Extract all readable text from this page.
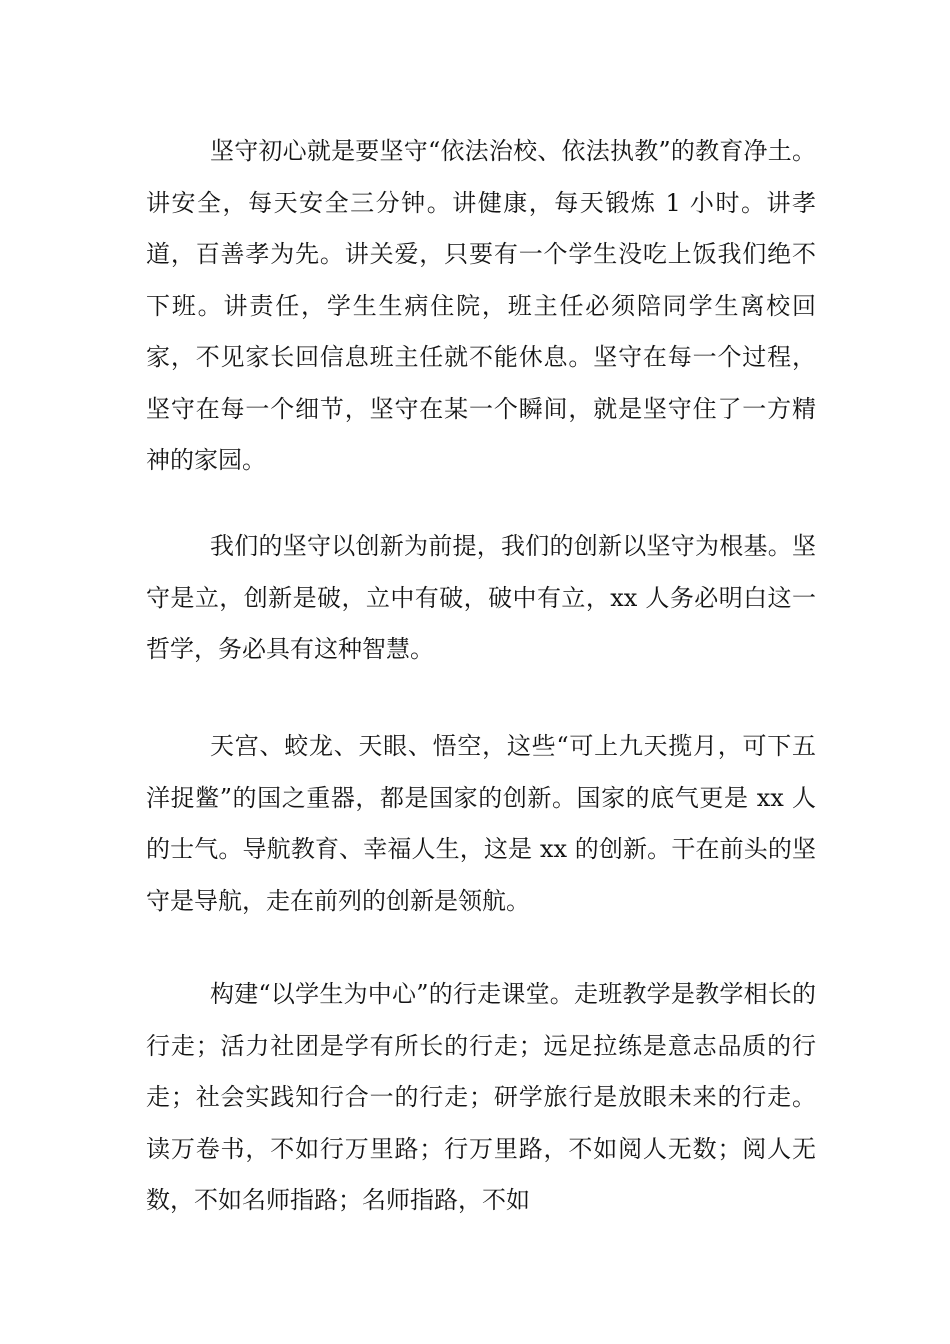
坚守初心就是要坚守“依法治校、依法执教”的教育净土。讲安全，每天安全三分钟。讲健康，每天锻炼 1 小时。讲孝道，百善孝为先。讲关爱，只要有一个学生没吃上饭我们绝不下班。讲责任，学生生病住院，班主任必须陪同学生离校回家，不见家长回信息班主任就不能休息。坚守在每一个过程，坚守在每一个细节，坚守在某一个瞬间，就是坚守住了一方精神的家园。

我们的坚守以创新为前提，我们的创新以坚守为根基。坚守是立，创新是破，立中有破，破中有立，xx 人务必明白这一哲学，务必具有这种智慧。

天宫、蛟龙、天眼、悟空，这些“可上九天揽月，可下五洋捉鳖”的国之重器，都是国家的创新。国家的底气更是 xx 人的士气。导航教育、幸福人生，这是 xx 的创新。干在前头的坚守是导航，走在前列的创新是领航。

构建“以学生为中心”的行走课堂。走班教学是教学相长的行走；活力社团是学有所长的行走；远足拉练是意志品质的行走；社会实践知行合一的行走；研学旅行是放眼未来的行走。读万卷书，不如行万里路；行万里路，不如阅人无数；阅人无数，不如名师指路；名师指路，不如
